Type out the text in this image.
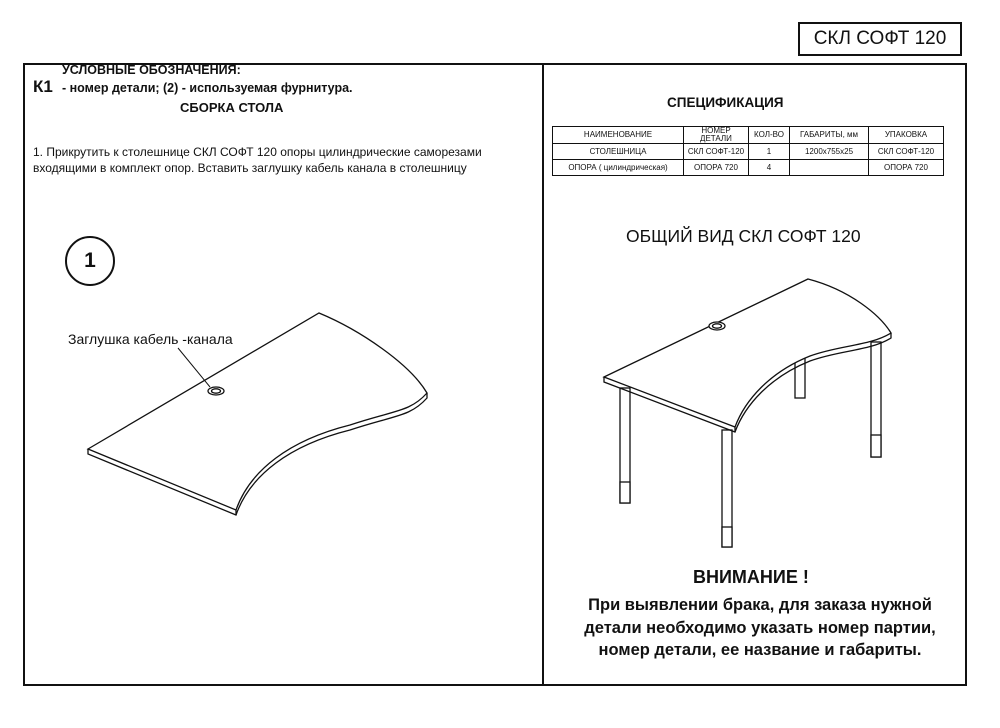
СКЛ СОФТ 120
УСЛОВНЫЕ ОБОЗНАЧЕНИЯ:
К1 - номер детали; (2) - используемая фурнитура.
СБОРКА СТОЛА
1. Прикрутить к столешнице СКЛ СОФТ 120 опоры цилиндрические саморезами
входящими в комплект опор. Вставить заглушку кабель канала в столешницу
1
Заглушка кабель -канала
СПЕЦИФИКАЦИЯ
НАИМЕНОВАНИЕ	НОМЕР ДЕТАЛИ	КОЛ-ВО	ГАБАРИТЫ, мм	УПАКОВКА
СТОЛЕШНИЦА	СКЛ СОФТ-120	1	1200х755х25	СКЛ СОФТ-120
ОПОРА ( цилиндрическая)	ОПОРА 720	4		ОПОРА 720
ОБЩИЙ ВИД СКЛ СОФТ 120
ВНИМАНИЕ !
При выявлении брака, для заказа нужной
детали необходимо указать номер партии,
номер детали, ее название и габариты.
